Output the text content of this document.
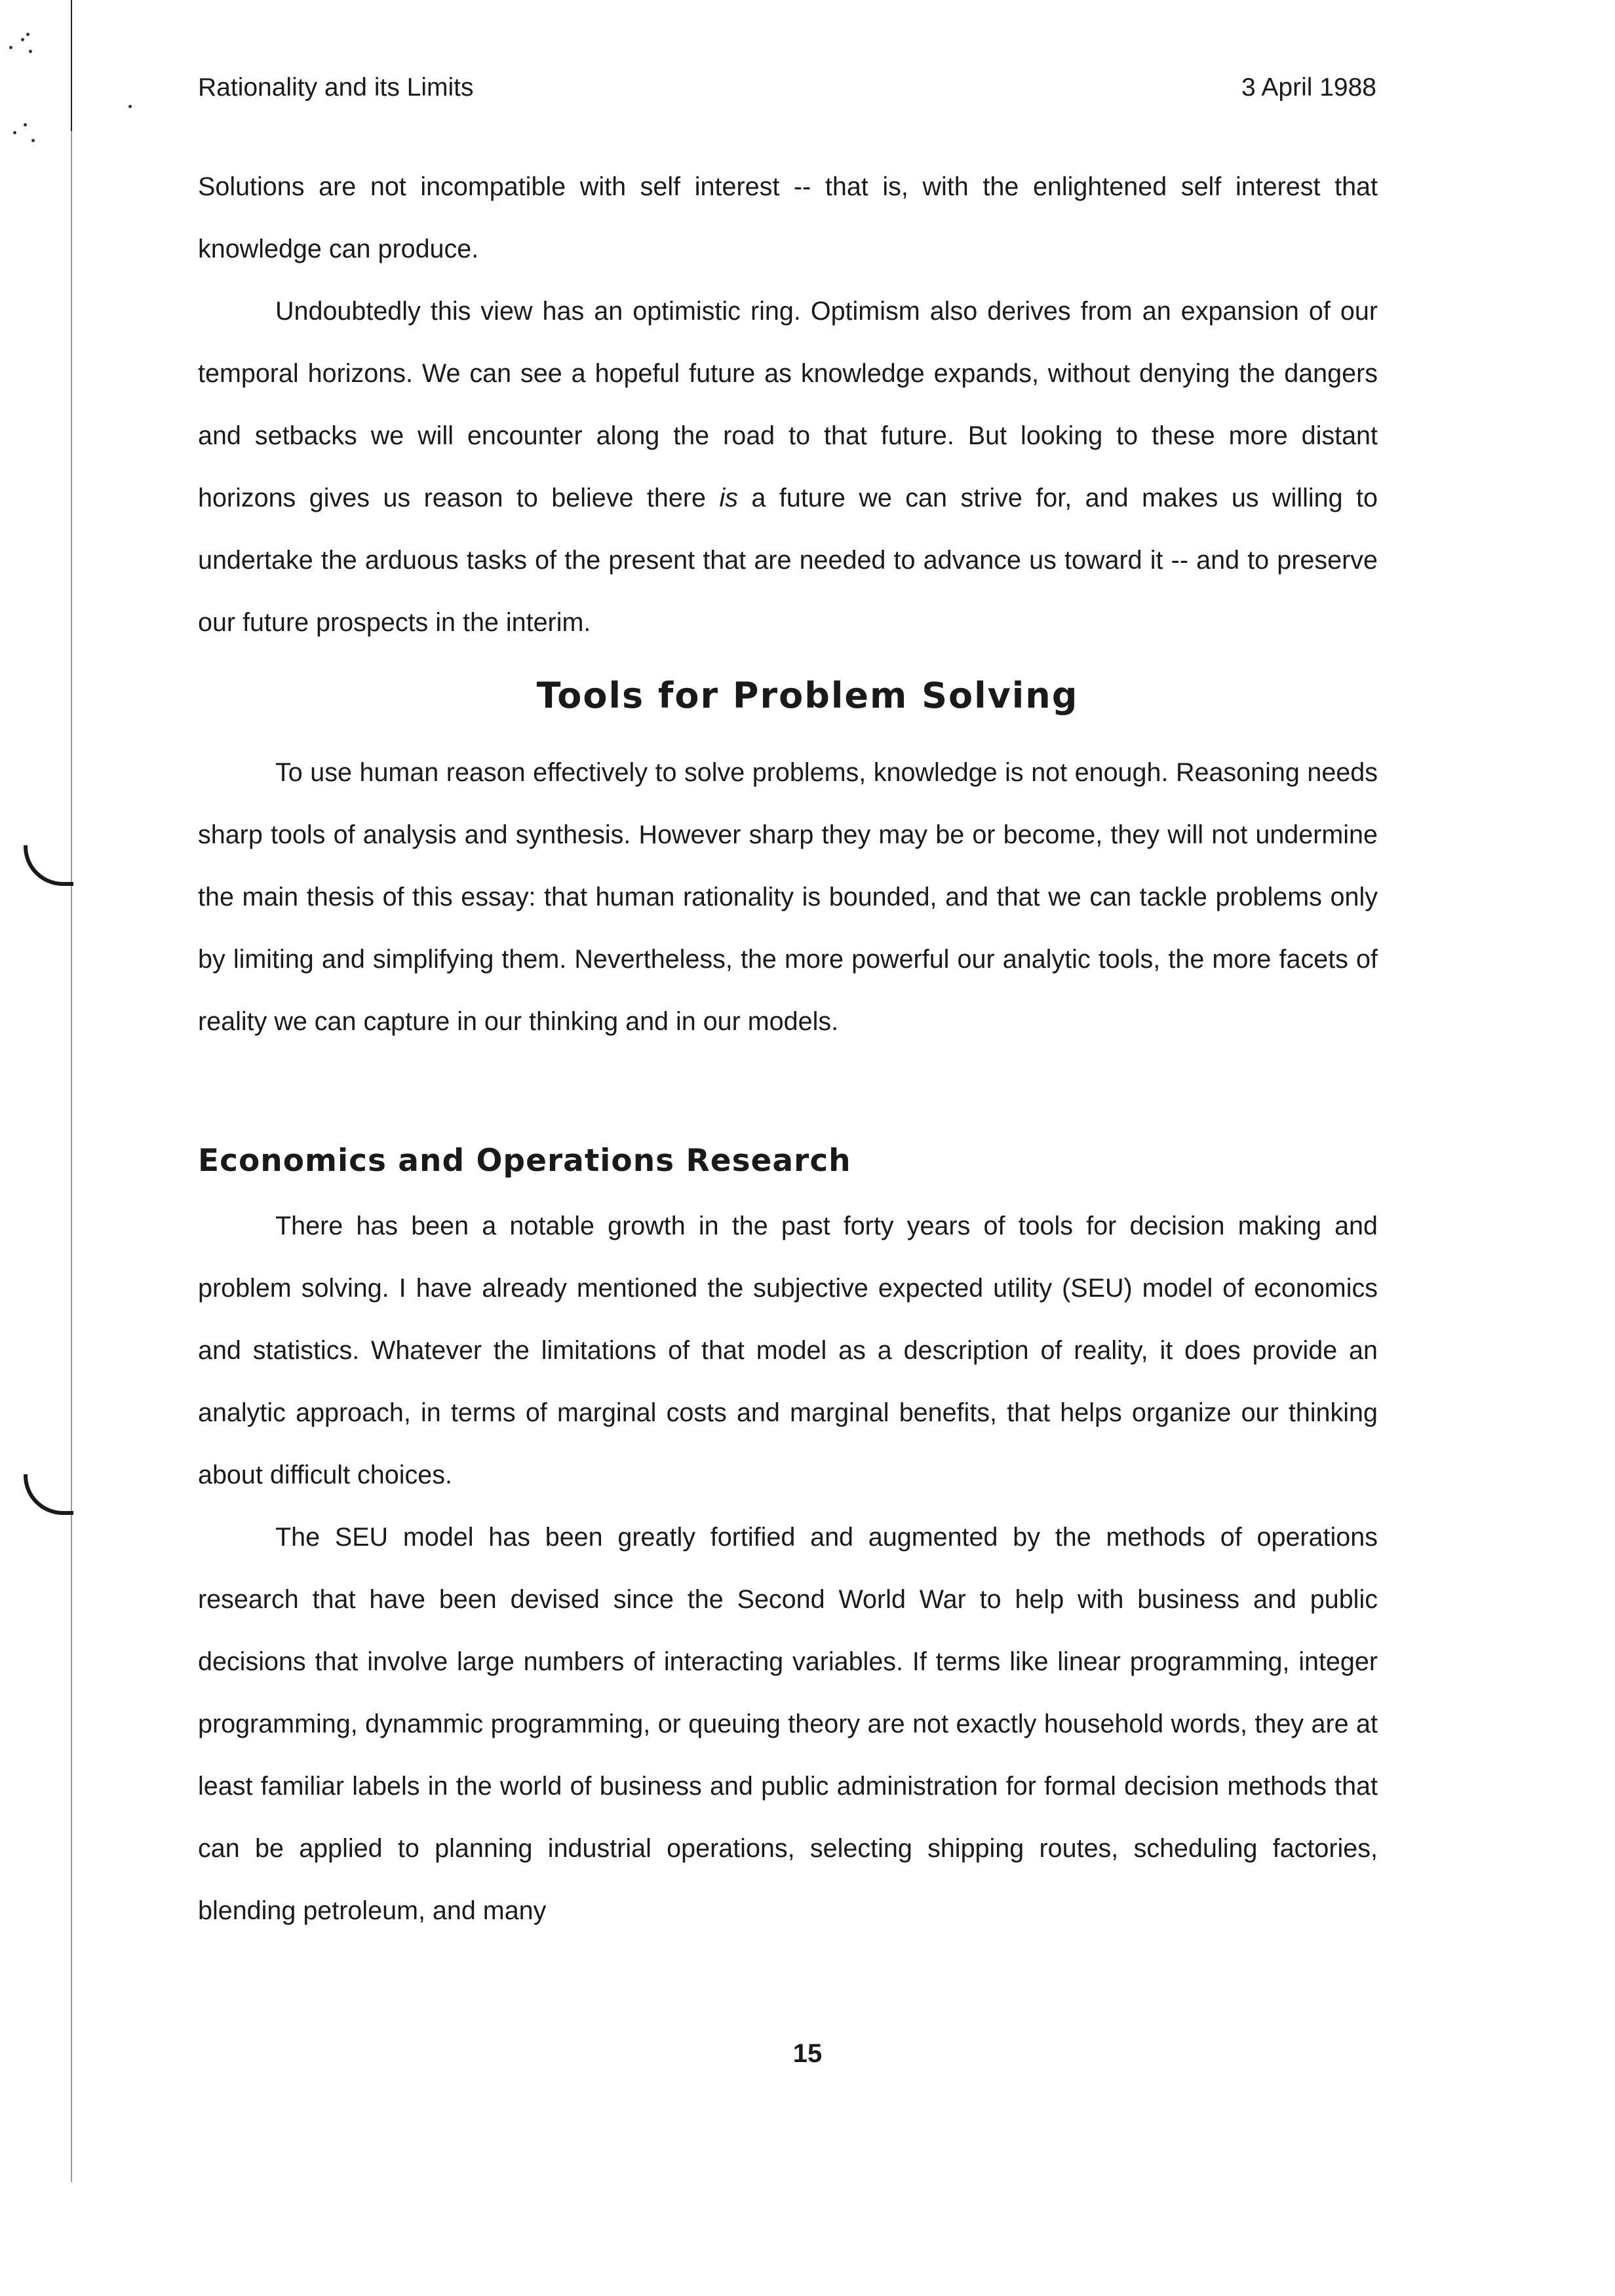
Rationality and its Limits	3 April 1988

Solutions are not incompatible with self interest -- that is, with the enlightened self interest that knowledge can produce.

Undoubtedly this view has an optimistic ring. Optimism also derives from an expansion of our temporal horizons. We can see a hopeful future as knowledge expands, without denying the dangers and setbacks we will encounter along the road to that future. But looking to these more distant horizons gives us reason to believe there is a future we can strive for, and makes us willing to undertake the arduous tasks of the present that are needed to advance us toward it -- and to preserve our future prospects in the interim.

Tools for Problem Solving

To use human reason effectively to solve problems, knowledge is not enough. Reasoning needs sharp tools of analysis and synthesis. However sharp they may be or become, they will not undermine the main thesis of this essay: that human rationality is bounded, and that we can tackle problems only by limiting and simplifying them. Nevertheless, the more powerful our analytic tools, the more facets of reality we can capture in our thinking and in our models.

Economics and Operations Research

There has been a notable growth in the past forty years of tools for decision making and problem solving. I have already mentioned the subjective expected utility (SEU) model of economics and statistics. Whatever the limitations of that model as a description of reality, it does provide an analytic approach, in terms of marginal costs and marginal benefits, that helps organize our thinking about difficult choices.

The SEU model has been greatly fortified and augmented by the methods of operations research that have been devised since the Second World War to help with business and public decisions that involve large numbers of interacting variables. If terms like linear programming, integer programming, dynammic programming, or queuing theory are not exactly household words, they are at least familiar labels in the world of business and public administration for formal decision methods that can be applied to planning industrial operations, selecting shipping routes, scheduling factories, blending petroleum, and many

15
